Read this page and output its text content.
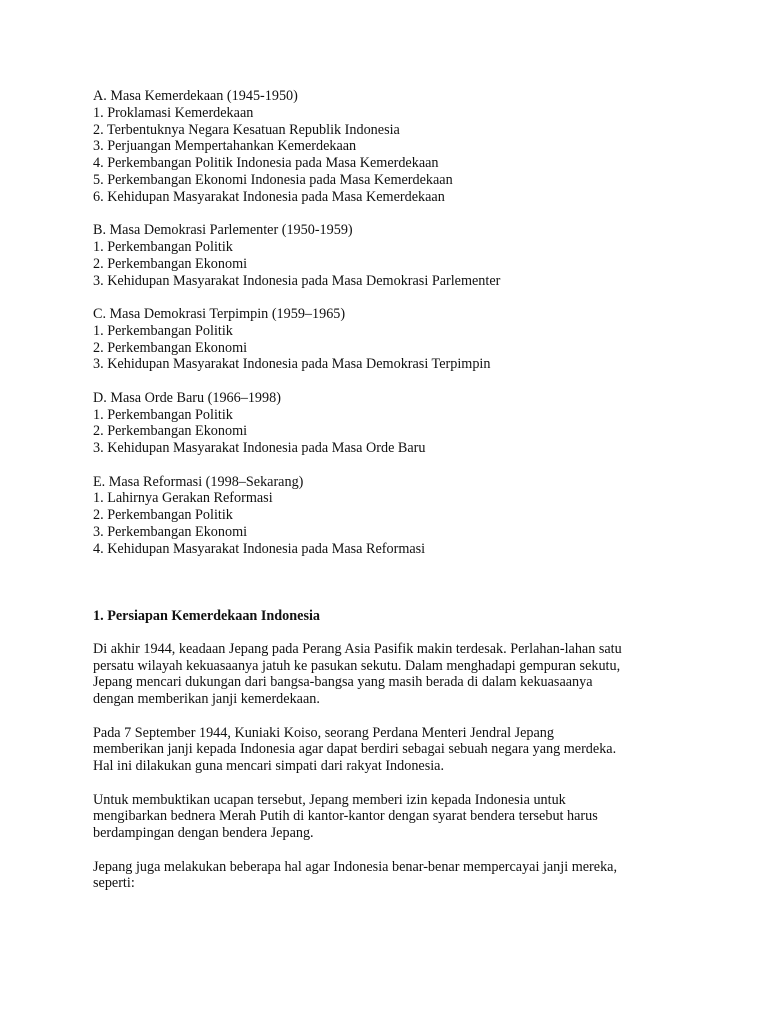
A. Masa Kemerdekaan (1945-1950)

1. Proklamasi Kemerdekaan

2. Terbentuknya Negara Kesatuan Republik Indonesia

3. Perjuangan Mempertahankan Kemerdekaan

4. Perkembangan Politik Indonesia pada Masa Kemerdekaan

5. Perkembangan Ekonomi Indonesia pada Masa Kemerdekaan

6. Kehidupan Masyarakat Indonesia pada Masa Kemerdekaan

B. Masa Demokrasi Parlementer (1950-1959)

1. Perkembangan Politik

2. Perkembangan Ekonomi

3. Kehidupan Masyarakat Indonesia pada Masa Demokrasi Parlementer

C. Masa Demokrasi Terpimpin (1959–1965)

1. Perkembangan Politik

2. Perkembangan Ekonomi

3. Kehidupan Masyarakat Indonesia pada Masa Demokrasi Terpimpin

D. Masa Orde Baru (1966–1998)

1. Perkembangan Politik

2. Perkembangan Ekonomi

3. Kehidupan Masyarakat Indonesia pada Masa Orde Baru

E. Masa Reformasi (1998–Sekarang)

1. Lahirnya Gerakan Reformasi

2. Perkembangan Politik

3. Perkembangan Ekonomi

4. Kehidupan Masyarakat Indonesia pada Masa Reformasi

1. Persiapan Kemerdekaan Indonesia

Di akhir 1944, keadaan Jepang pada Perang Asia Pasifik makin terdesak. Perlahan-lahan satu

persatu wilayah kekuasaanya jatuh ke pasukan sekutu. Dalam menghadapi gempuran sekutu,

Jepang mencari dukungan dari bangsa-bangsa yang masih berada di dalam kekuasaanya

dengan memberikan janji kemerdekaan.

Pada 7 September 1944, Kuniaki Koiso, seorang Perdana Menteri Jendral Jepang

memberikan janji kepada Indonesia agar dapat berdiri sebagai sebuah negara yang merdeka.

Hal ini dilakukan guna mencari simpati dari rakyat Indonesia.

Untuk membuktikan ucapan tersebut, Jepang memberi izin kepada Indonesia untuk

mengibarkan bednera Merah Putih di kantor-kantor dengan syarat bendera tersebut harus

berdampingan dengan bendera Jepang.

Jepang juga melakukan beberapa hal agar Indonesia benar-benar mempercayai janji mereka,

seperti:
